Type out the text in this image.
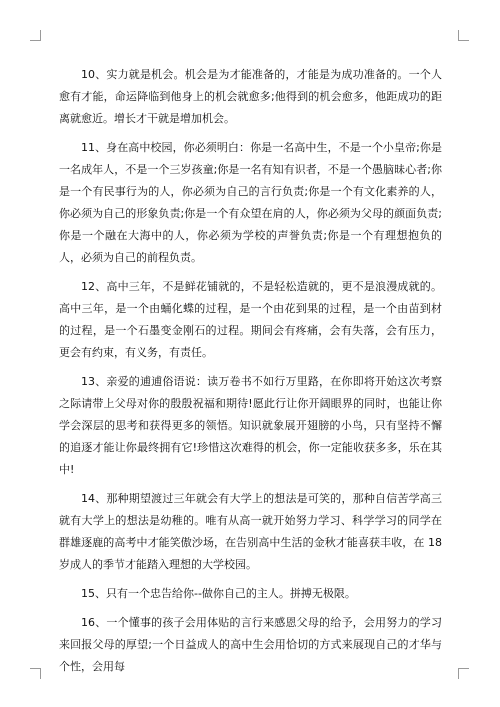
10、实力就是机会。机会是为才能准备的，才能是为成功准备的。一个人愈有才能，命运降临到他身上的机会就愈多;他得到的机会愈多，他距成功的距离就愈近。增长才干就是增加机会。

11、身在高中校园，你必须明白：你是一名高中生，不是一个小皇帝;你是一名成年人，不是一个三岁孩童;你是一名有知有识者，不是一个愚脑昧心者;你是一个有民事行为的人，你必须为自己的言行负责;你是一个有文化素养的人，你必须为自己的形象负责;你是一个有众望在肩的人，你必须为父母的颜面负责;你是一个融在大海中的人，你必须为学校的声誉负责;你是一个有理想抱负的人，必须为自己的前程负责。

12、高中三年，不是鲜花铺就的，不是轻松造就的，更不是浪漫成就的。高中三年，是一个由蛹化蝶的过程，是一个由花到果的过程，是一个由苗到材的过程，是一个石墨变金刚石的过程。期间会有疼痛，会有失落，会有压力，更会有约束，有义务，有责任。

13、亲爱的逋逋俗语说：读万卷书不如行万里路，在你即将开始这次考察之际请带上父母对你的殷殷祝福和期待!愿此行让你开阔眼界的同时，也能让你学会深层的思考和获得更多的领悟。知识就象展开翅膀的小鸟，只有坚持不懈的追逐才能让你最终拥有它!珍惜这次难得的机会，你一定能收获多多，乐在其中!

14、那种期望渡过三年就会有大学上的想法是可笑的，那种自信苦学高三就有大学上的想法是幼稚的。唯有从高一就开始努力学习、科学学习的同学在群雄逐鹿的高考中才能笑傲沙场，在告别高中生活的金秋才能喜获丰收，在 18 岁成人的季节才能踏入理想的大学校园。

15、只有一个忠告给你--做你自己的主人。拼搏无极限。

16、一个懂事的孩子会用体贴的言行来感恩父母的给予，会用努力的学习来回报父母的厚望;一个日益成人的高中生会用恰切的方式来展现自己的才华与个性，会用每
